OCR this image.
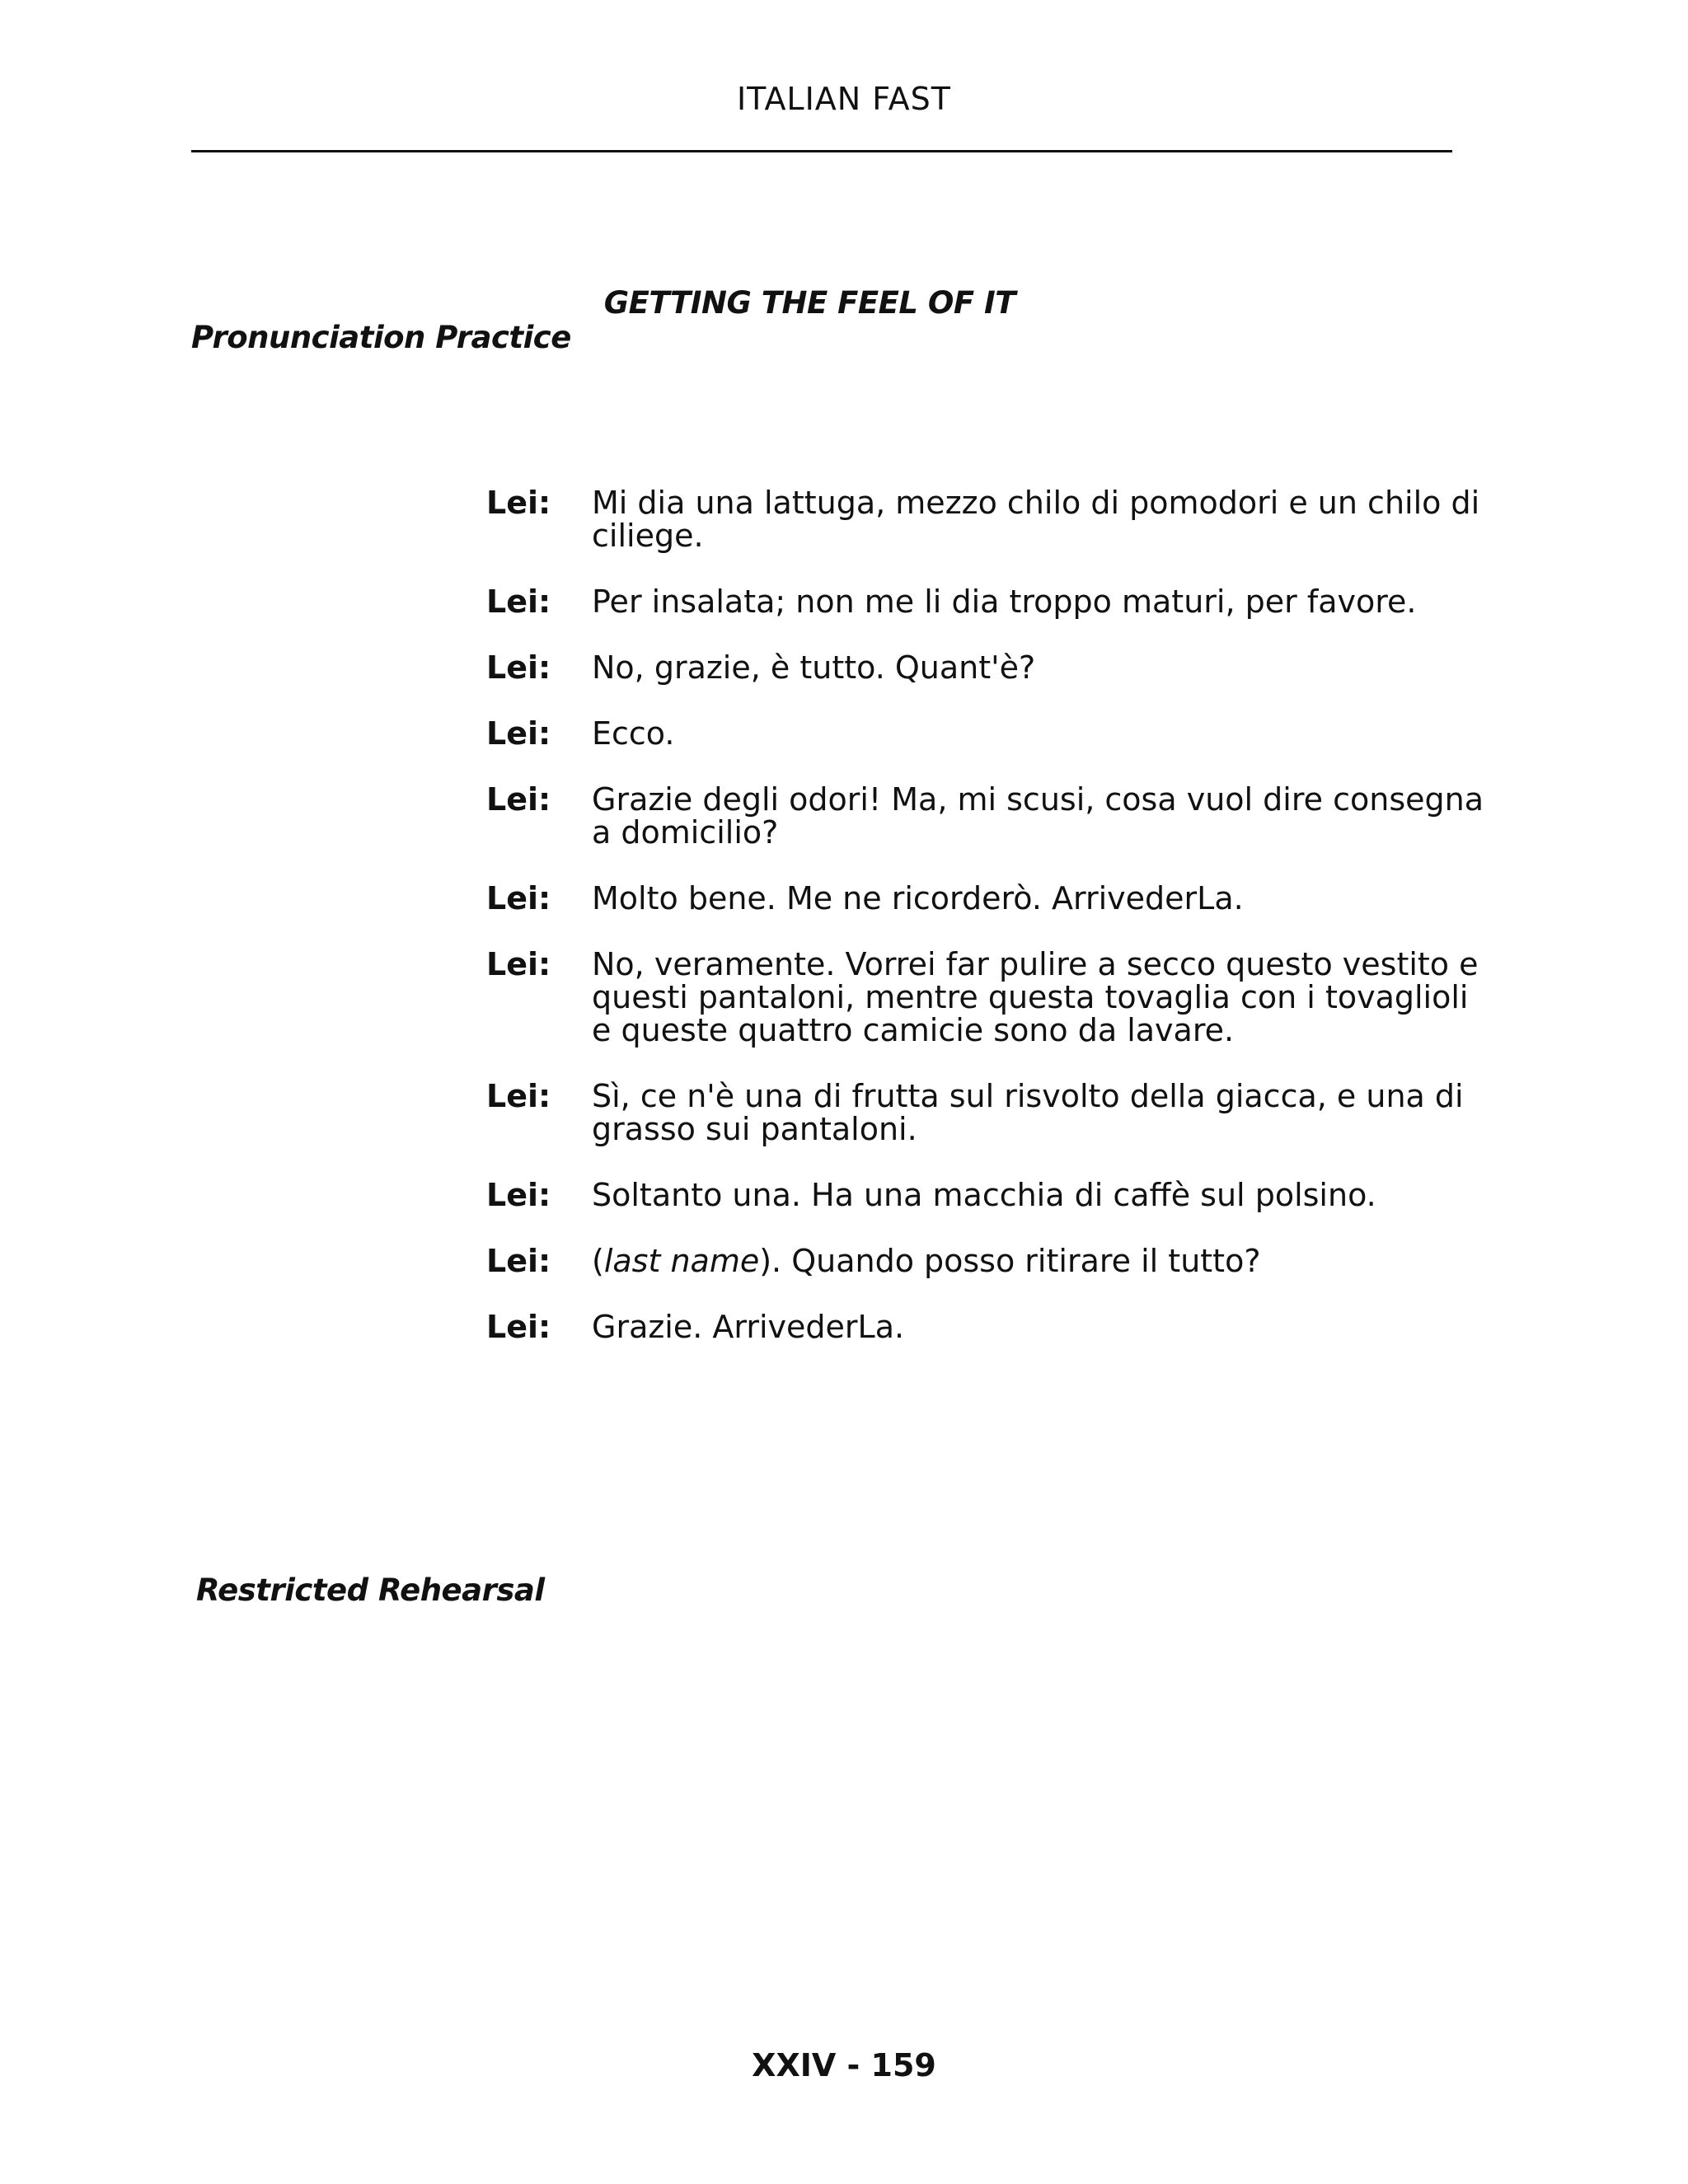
ITALIAN FAST
GETTING THE FEEL OF IT
Pronunciation Practice
Lei:	Mi dia una lattuga, mezzo chilo di pomodori e un chilo di ciliege.
Lei:	Per insalata; non me li dia troppo maturi, per favore.
Lei:	No, grazie, è tutto. Quant'è?
Lei:	Ecco.
Lei:	Grazie degli odori! Ma, mi scusi, cosa vuol dire consegna a domicilio?
Lei:	Molto bene. Me ne ricorderò. ArrivederLa.
Lei:	No, veramente. Vorrei far pulire a secco questo vestito e questi pantaloni, mentre questa tovaglia con i tovaglioli e queste quattro camicie sono da lavare.
Lei:	Sì, ce n'è una di frutta sul risvolto della giacca, e una di grasso sui pantaloni.
Lei:	Soltanto una. Ha una macchia di caffè sul polsino.
Lei:	(last name). Quando posso ritirare il tutto?
Lei:	Grazie. ArrivederLa.
Restricted Rehearsal
XXIV - 159
